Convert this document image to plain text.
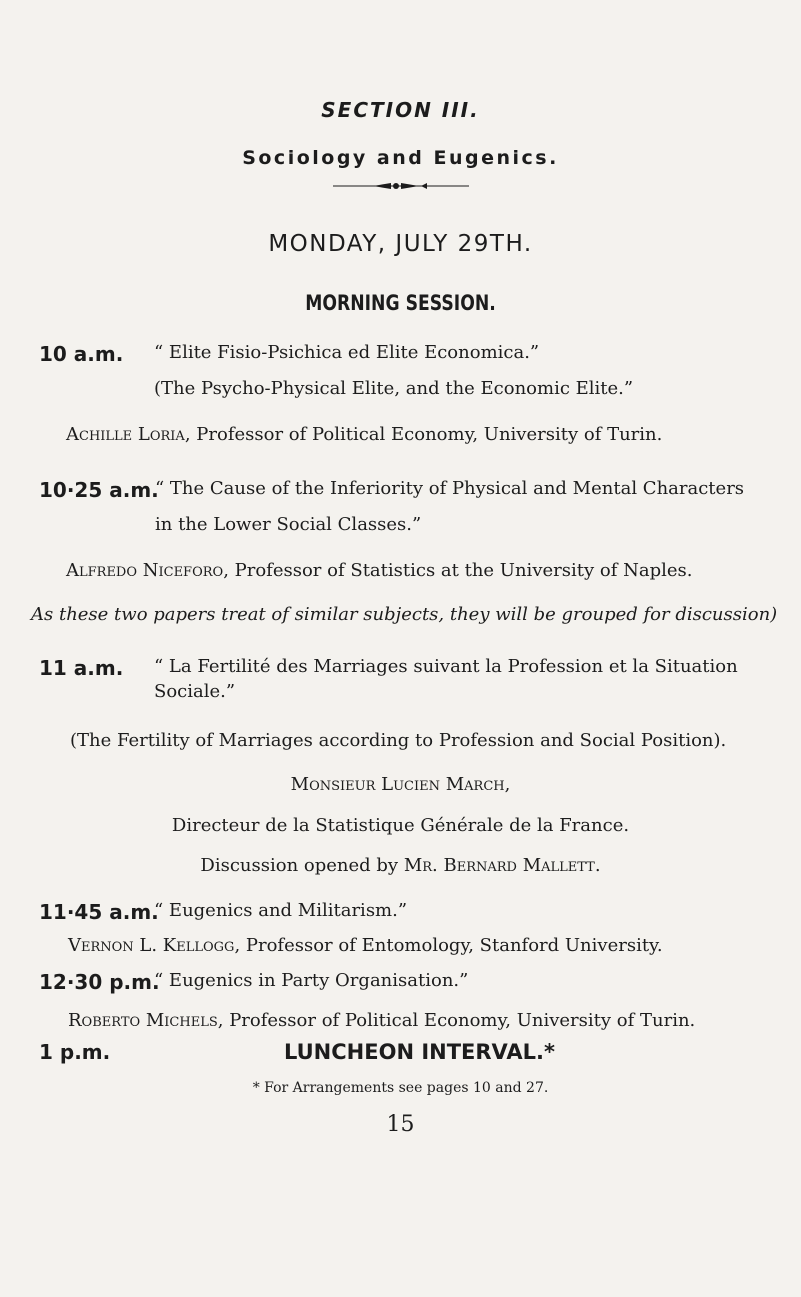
SECTION III.
Sociology and Eugenics.
MONDAY, JULY 29TH.
MORNING SESSION.
10 a.m. “ Elite Fisio-Psichica ed Elite Economica.”
(The Psycho-Physical Elite, and the Economic Elite.”
Achille Loria, Professor of Political Economy, University of Turin.
10·25 a.m.
“ The Cause of the Inferiority of Physical and Mental Characters
in the Lower Social Classes.”
Alfredo Niceforo, Professor of Statistics at the University of Naples.
As these two papers treat of similar subjects, they will be grouped for discussion)
11 a.m. “ La Fertilité des Marriages suivant la Profession et la Situation
Sociale.”
(The Fertility of Marriages according to Profession and Social Position).
Monsieur Lucien March,
Directeur de la Statistique Générale de la France.
Discussion opened by Mr. Bernard Mallett.
11·45 a.m.
“ Eugenics and Militarism.”
Vernon L. Kellogg, Professor of Entomology, Stanford University.
12·30 p.m.
“ Eugenics in Party Organisation.”
Roberto Michels, Professor of Political Economy, University of Turin.
1 p.m.	LUNCHEON INTERVAL.*
* For Arrangements see pages 10 and 27.
15
